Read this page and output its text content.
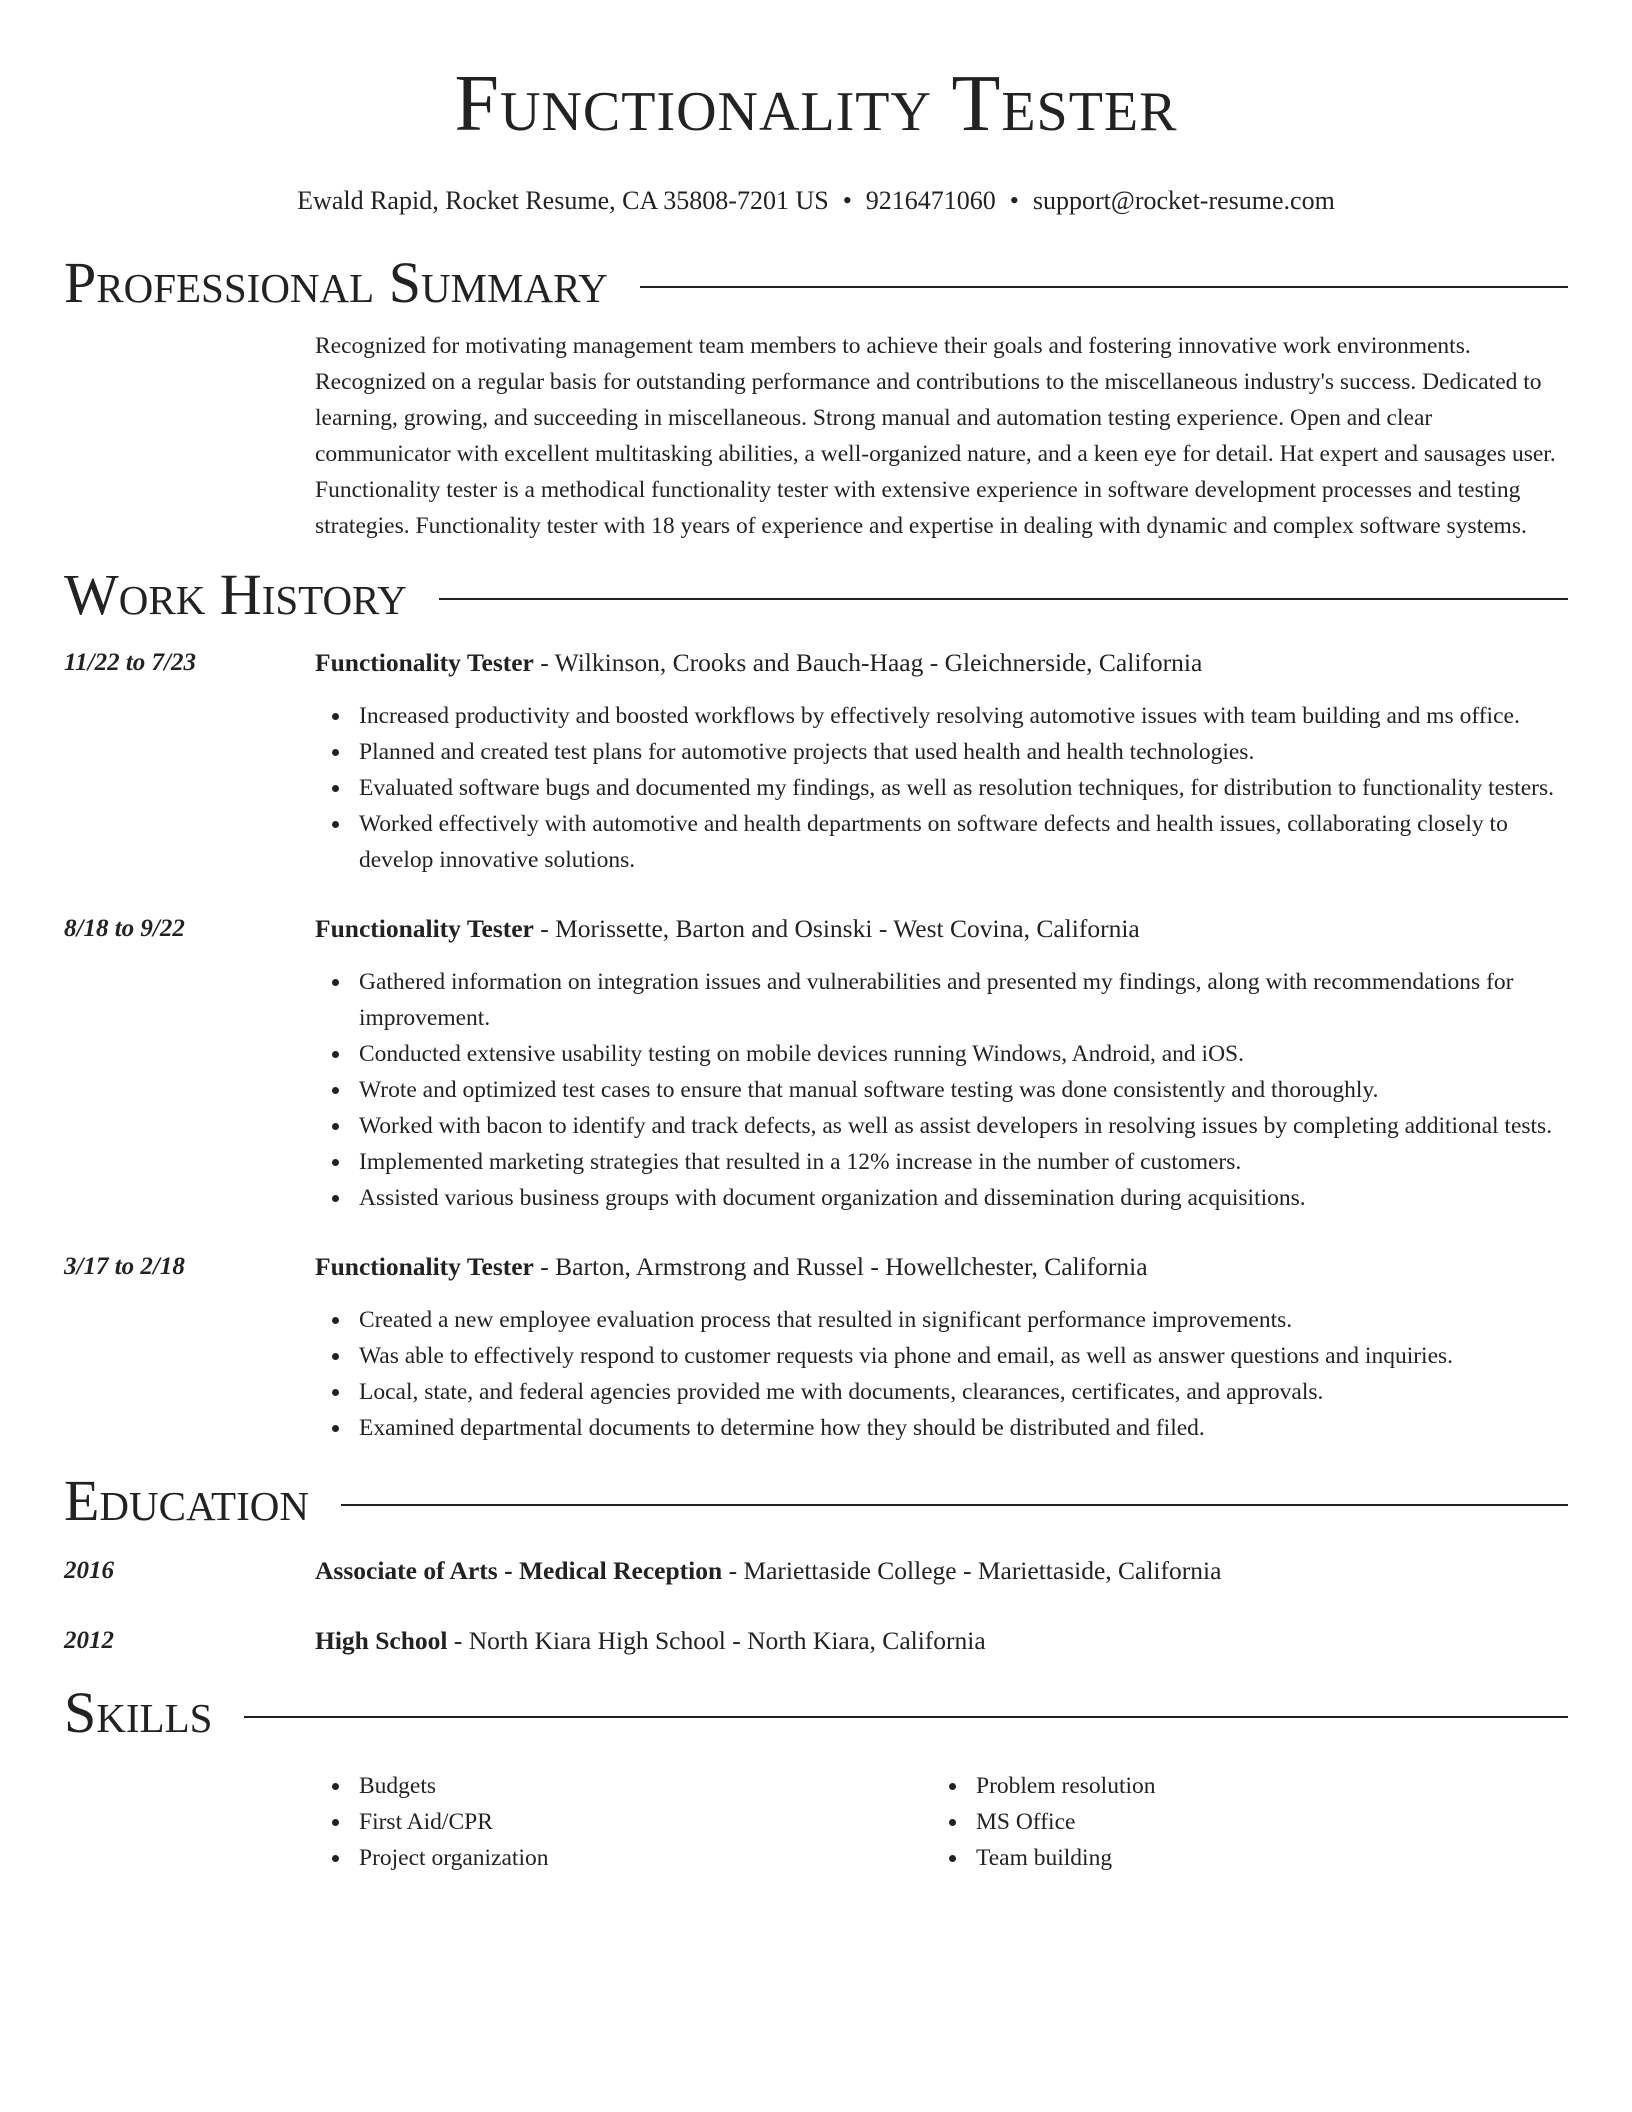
Functionality Tester
Ewald Rapid, Rocket Resume, CA 35808-7201 US • 9216471060 • support@rocket-resume.com
Professional Summary
Recognized for motivating management team members to achieve their goals and fostering innovative work environments. Recognized on a regular basis for outstanding performance and contributions to the miscellaneous industry's success. Dedicated to learning, growing, and succeeding in miscellaneous. Strong manual and automation testing experience. Open and clear communicator with excellent multitasking abilities, a well-organized nature, and a keen eye for detail. Hat expert and sausages user. Functionality tester is a methodical functionality tester with extensive experience in software development processes and testing strategies. Functionality tester with 18 years of experience and expertise in dealing with dynamic and complex software systems.
Work History
11/22 to 7/23	Functionality Tester - Wilkinson, Crooks and Bauch-Haag - Gleichnerside, California
Increased productivity and boosted workflows by effectively resolving automotive issues with team building and ms office.
Planned and created test plans for automotive projects that used health and health technologies.
Evaluated software bugs and documented my findings, as well as resolution techniques, for distribution to functionality testers.
Worked effectively with automotive and health departments on software defects and health issues, collaborating closely to develop innovative solutions.
8/18 to 9/22	Functionality Tester - Morissette, Barton and Osinski - West Covina, California
Gathered information on integration issues and vulnerabilities and presented my findings, along with recommendations for improvement.
Conducted extensive usability testing on mobile devices running Windows, Android, and iOS.
Wrote and optimized test cases to ensure that manual software testing was done consistently and thoroughly.
Worked with bacon to identify and track defects, as well as assist developers in resolving issues by completing additional tests.
Implemented marketing strategies that resulted in a 12% increase in the number of customers.
Assisted various business groups with document organization and dissemination during acquisitions.
3/17 to 2/18	Functionality Tester - Barton, Armstrong and Russel - Howellchester, California
Created a new employee evaluation process that resulted in significant performance improvements.
Was able to effectively respond to customer requests via phone and email, as well as answer questions and inquiries.
Local, state, and federal agencies provided me with documents, clearances, certificates, and approvals.
Examined departmental documents to determine how they should be distributed and filed.
Education
2016	Associate of Arts - Medical Reception - Mariettaside College - Mariettaside, California
2012	High School - North Kiara High School - North Kiara, California
Skills
Budgets
First Aid/CPR
Project organization
Problem resolution
MS Office
Team building
